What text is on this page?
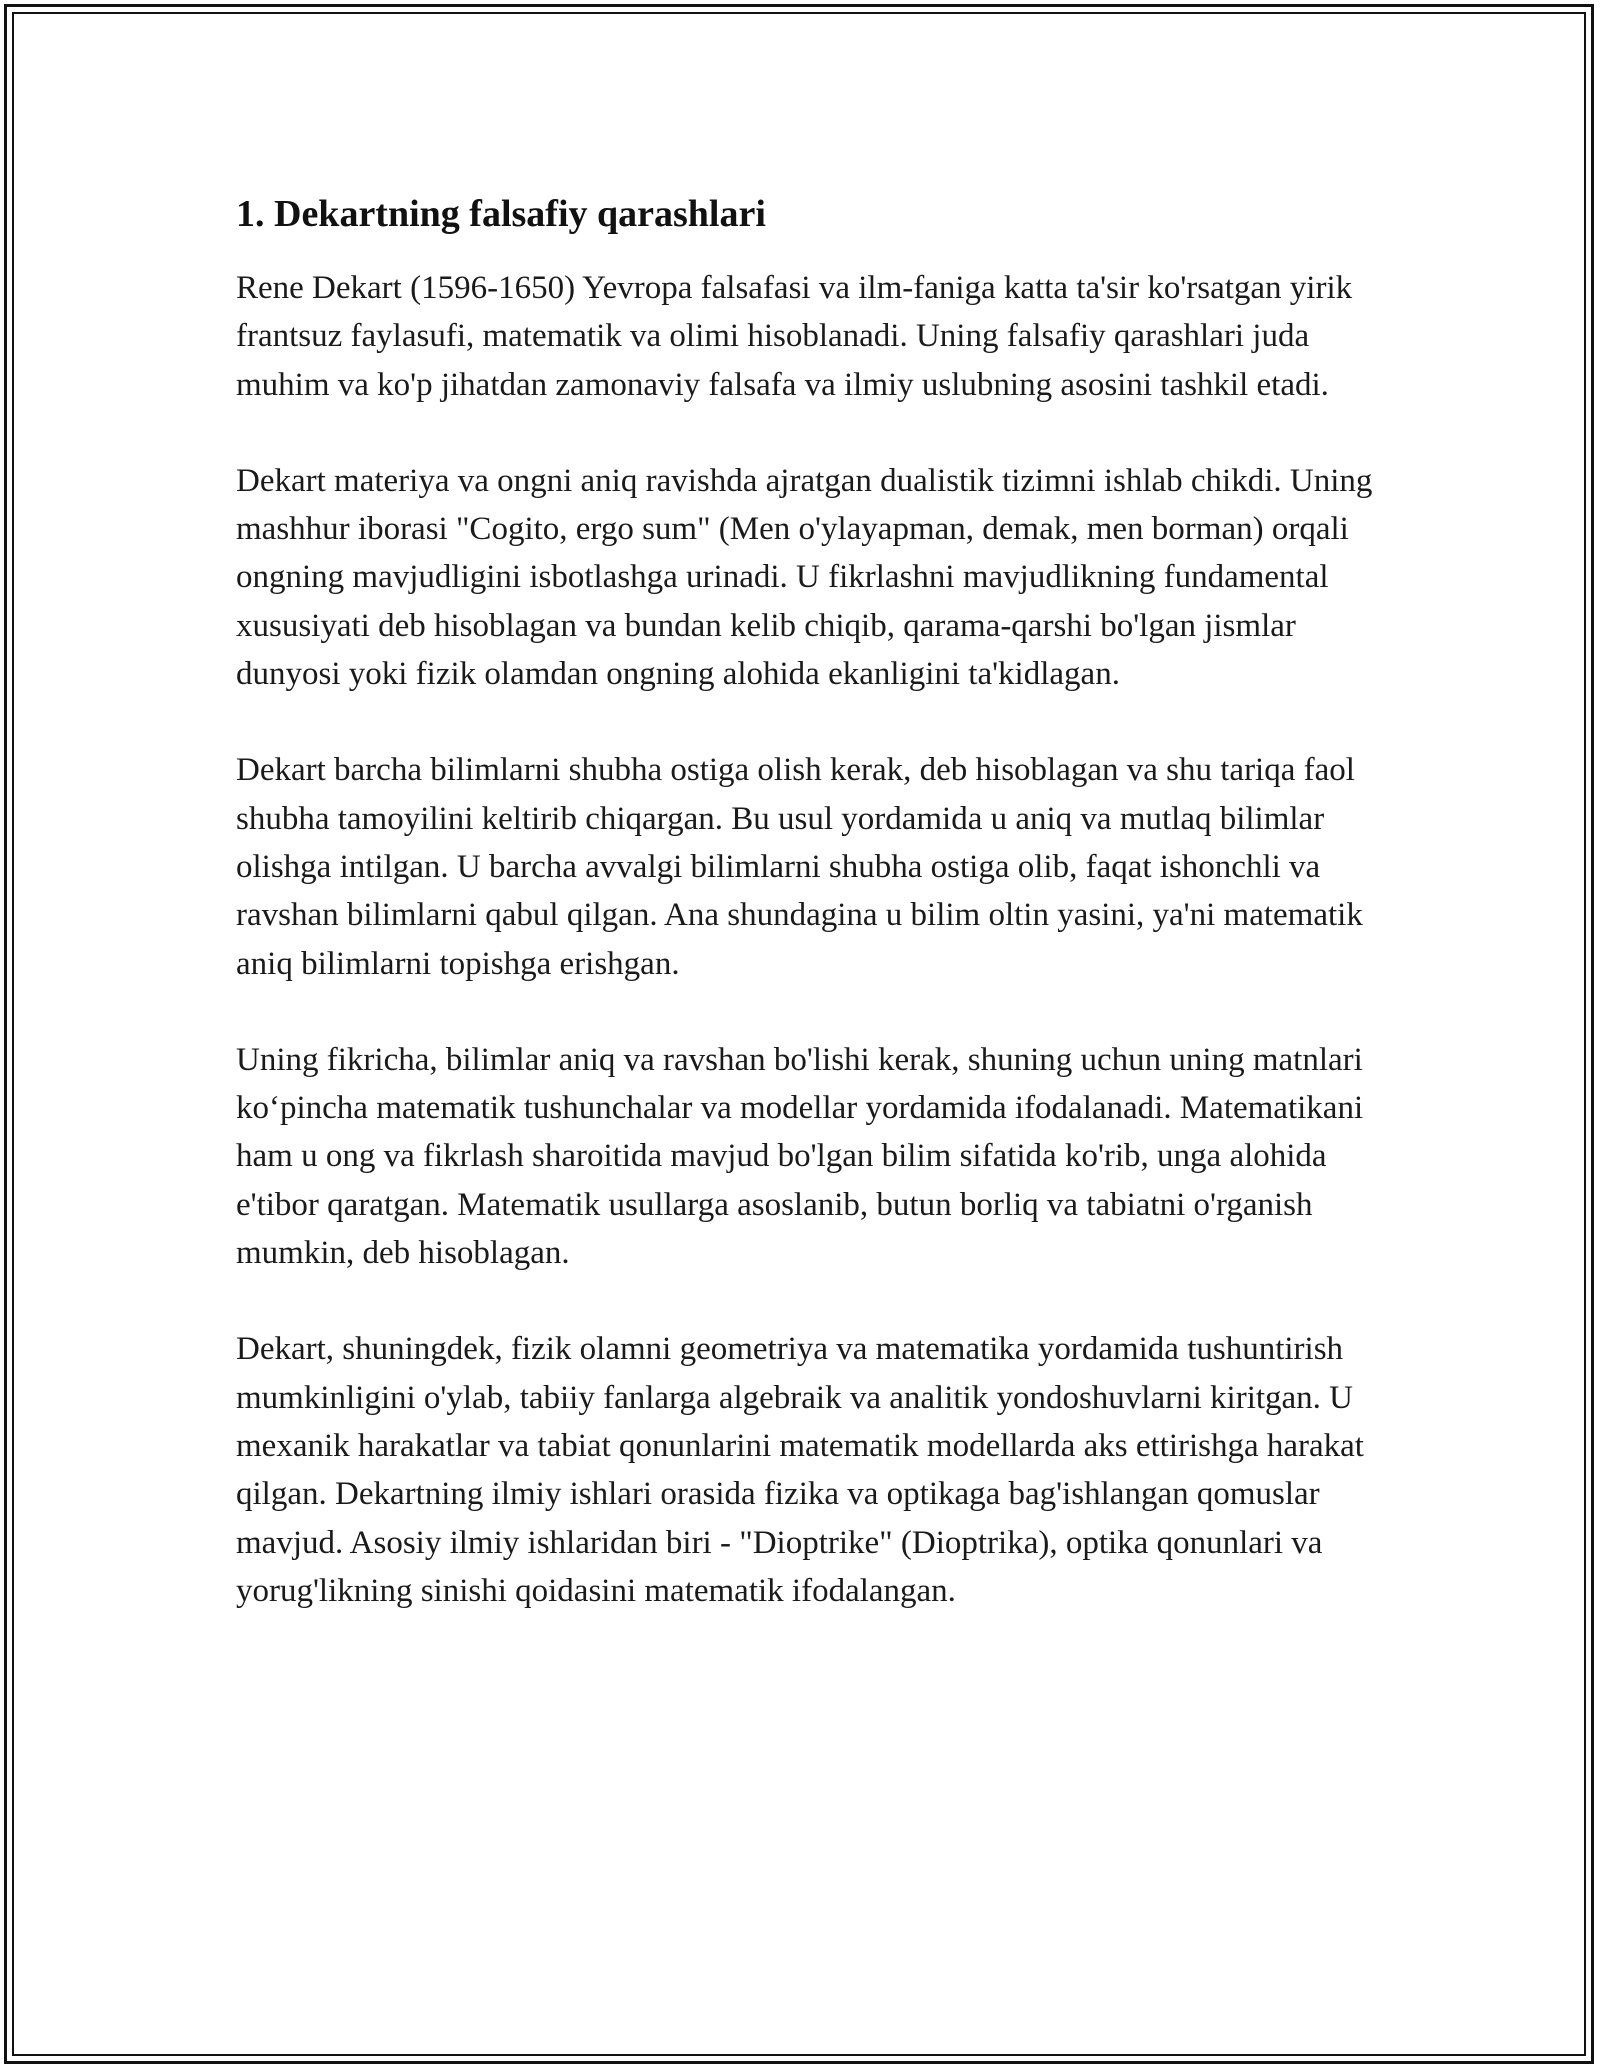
1. Dekartning falsafiy qarashlari

Rene Dekart (1596-1650) Yevropa falsafasi va ilm-faniga katta ta'sir ko'rsatgan yirik frantsuz faylasufi, matematik va olimi hisoblanadi. Uning falsafiy qarashlari juda muhim va ko'p jihatdan zamonaviy falsafa va ilmiy uslubning asosini tashkil etadi.

Dekart materiya va ongni aniq ravishda ajratgan dualistik tizimni ishlab chikdi. Uning mashhur iborasi "Cogito, ergo sum" (Men o'ylayapman, demak, men borman) orqali ongning mavjudligini isbotlashga urinadi. U fikrlashni mavjudlikning fundamental xususiyati deb hisoblagan va bundan kelib chiqib, qarama-qarshi bo'lgan jismlar dunyosi yoki fizik olamdan ongning alohida ekanligini ta'kidlagan.

Dekart barcha bilimlarni shubha ostiga olish kerak, deb hisoblagan va shu tariqa faol shubha tamoyilini keltirib chiqargan. Bu usul yordamida u aniq va mutlaq bilimlar olishga intilgan. U barcha avvalgi bilimlarni shubha ostiga olib, faqat ishonchli va ravshan bilimlarni qabul qilgan. Ana shundagina u bilim oltin yasini, ya'ni matematik aniq bilimlarni topishga erishgan.

Uning fikricha, bilimlar aniq va ravshan bo'lishi kerak, shuning uchun uning matnlari ko‘pincha matematik tushunchalar va modellar yordamida ifodalanadi. Matematikani ham u ong va fikrlash sharoitida mavjud bo'lgan bilim sifatida ko'rib, unga alohida e'tibor qaratgan. Matematik usullarga asoslanib, butun borliq va tabiatni o'rganish mumkin, deb hisoblagan.

Dekart, shuningdek, fizik olamni geometriya va matematika yordamida tushuntirish mumkinligini o'ylab, tabiiy fanlarga algebraik va analitik yondoshuvlarni kiritgan. U mexanik harakatlar va tabiat qonunlarini matematik modellarda aks ettirishga harakat qilgan. Dekartning ilmiy ishlari orasida fizika va optikaga bag'ishlangan qomuslar mavjud. Asosiy ilmiy ishlaridan biri - "Dioptrike" (Dioptrika), optika qonunlari va yorug'likning sinishi qoidasini matematik ifodalangan.
